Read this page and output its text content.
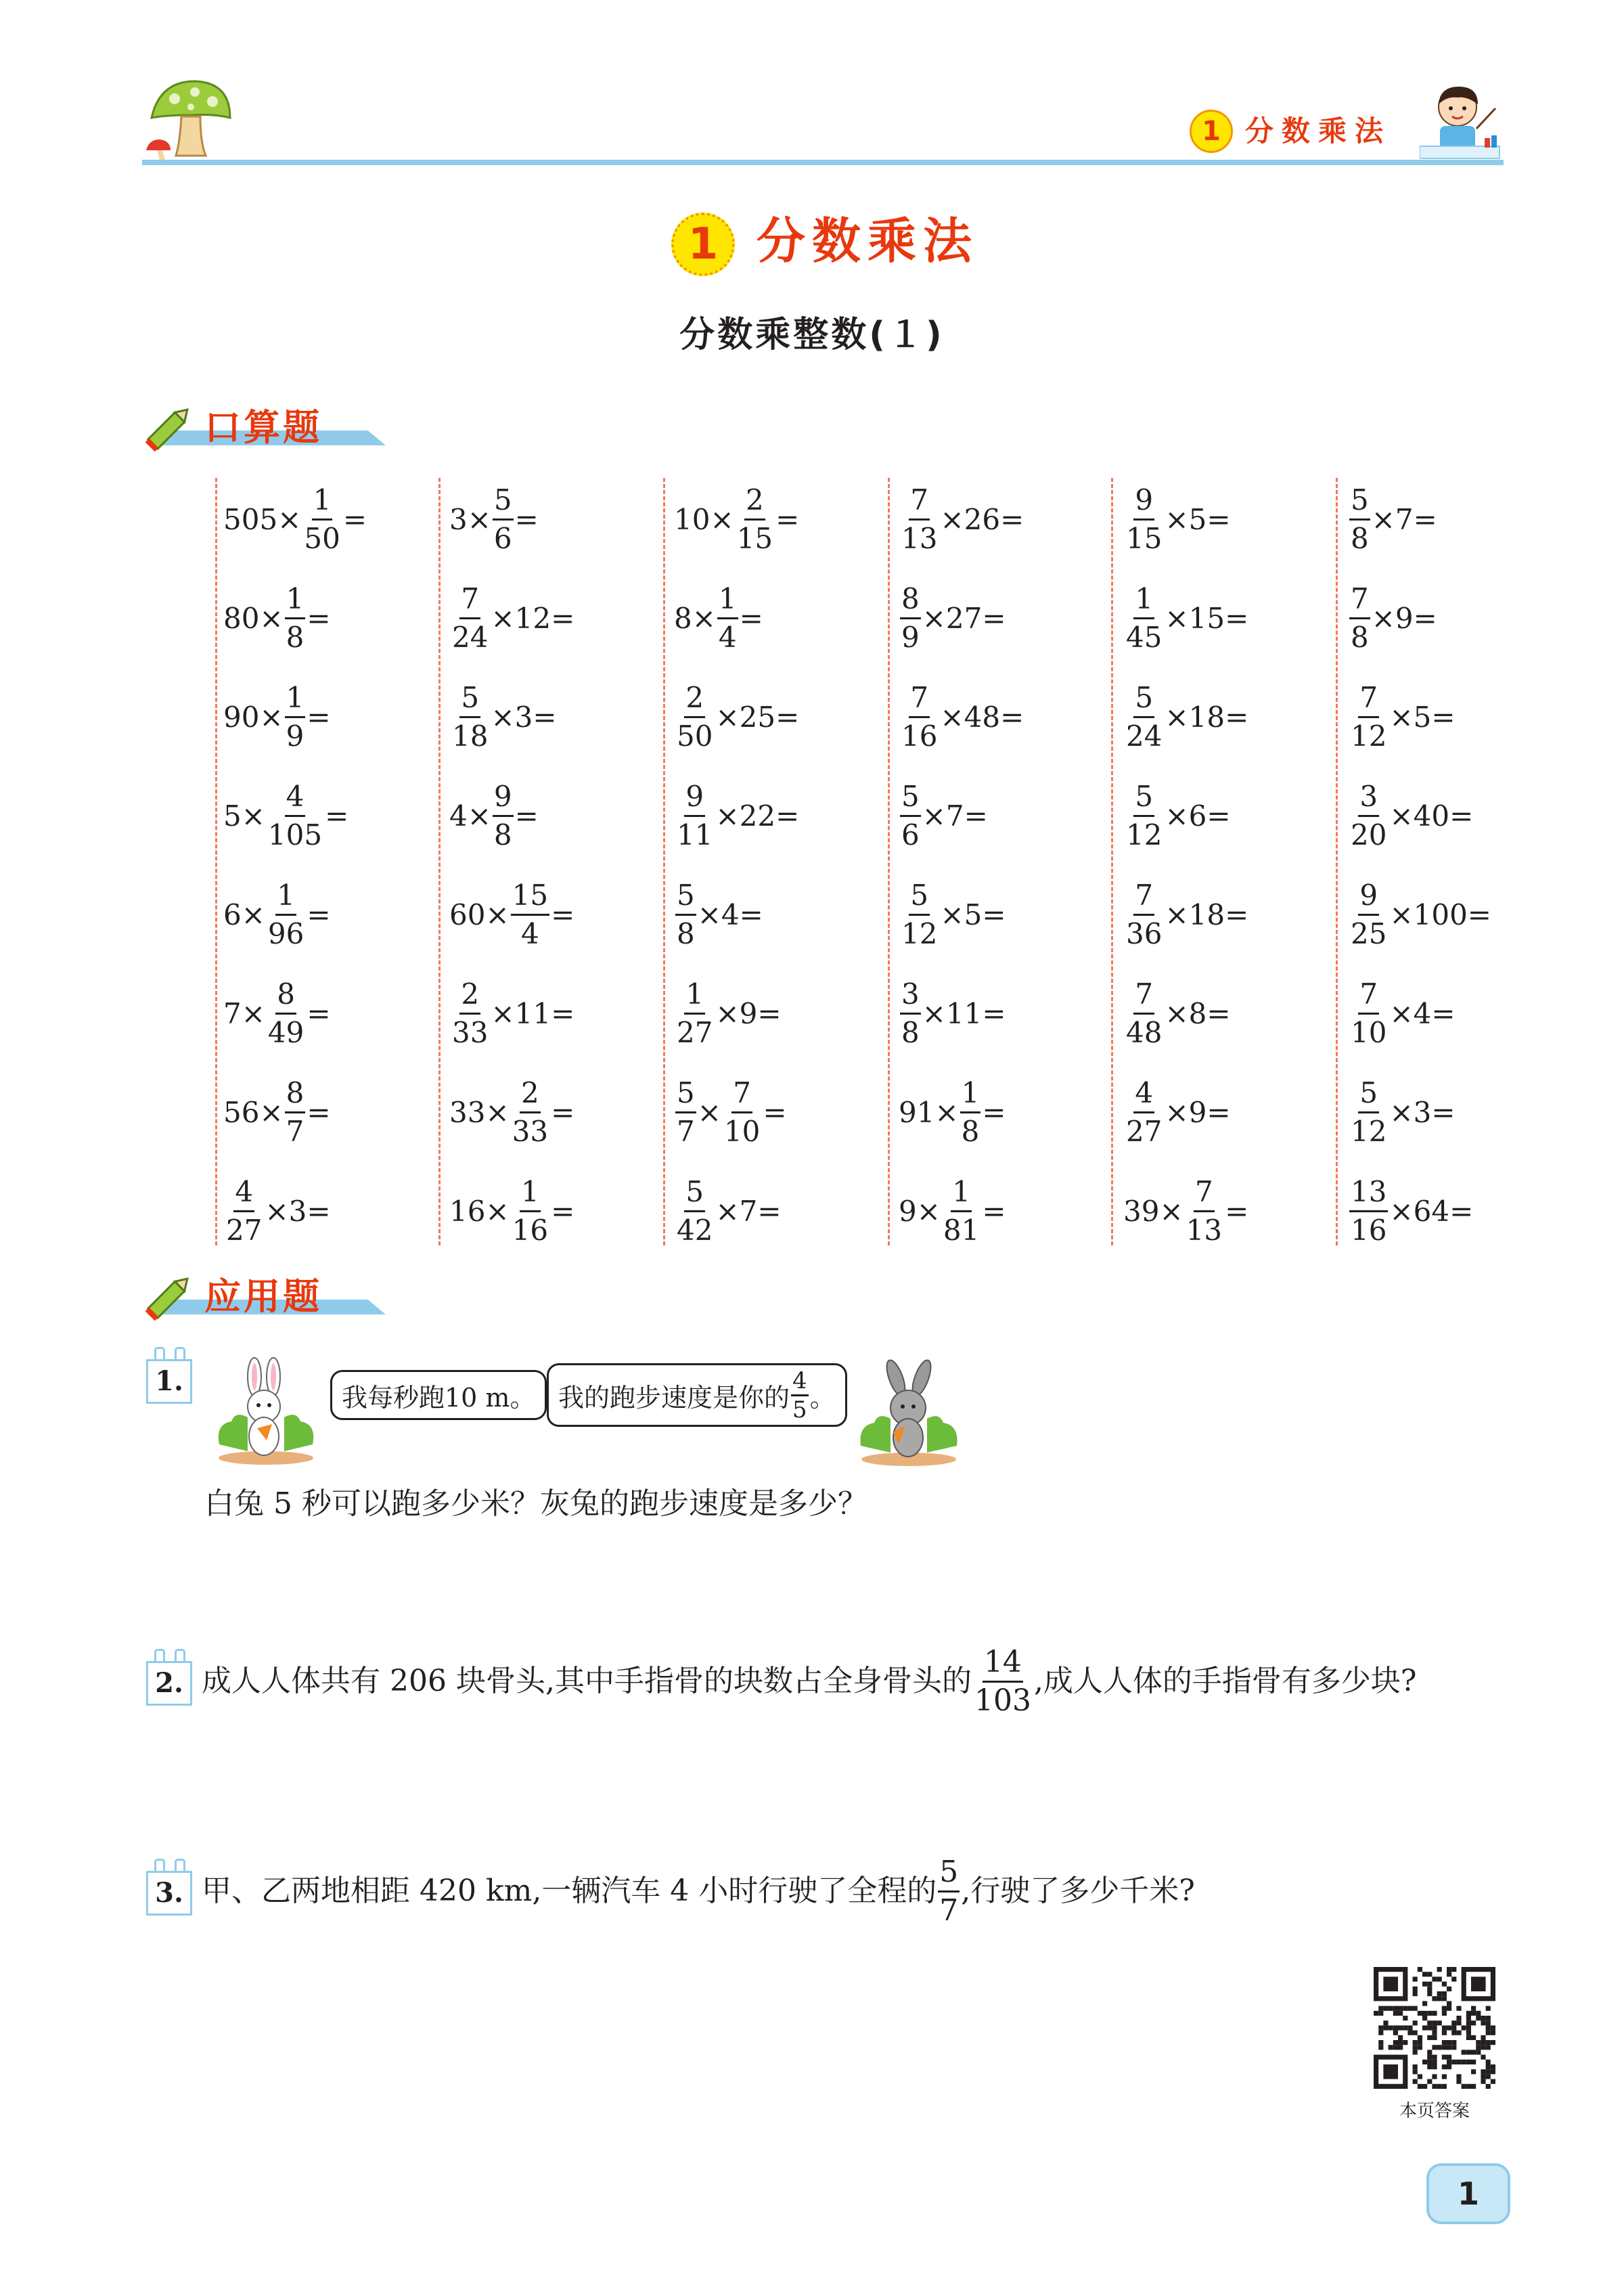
1 分数乘法
1 分数乘法
分数乘整数(１)
口算题
$505\times \frac{1}{50}$ =
$80\times \frac{1}{8}$ =
$90\times \frac{1}{9}$ =
$5\times \frac{4}{105}$ =
$6\times \frac{1}{96}$ =
$7\times \frac{8}{49}$ =
$56\times \frac{8}{7}$ =
$\frac{4}{27} \times 3=$
$3\times \frac{5}{6}$ =
$\frac{7}{24} \times 12=$
$\frac{5}{18} \times 3=$
$4\times \frac{9}{8}$ =
$60\times \frac{15}{4}$ =
$\frac{2}{33} \times 11=$
$33\times \frac{2}{33}$ =
$16\times \frac{1}{16}$ =
$10\times \frac{2}{15}$ =
$8\times \frac{1}{4}$ =
$\frac{2}{50} \times 25=$
$\frac{9}{11} \times 22=$
$\frac{5}{8} \times 4=$
$\frac{1}{27} \times 9=$
$\frac{5}{7} \times \frac{7}{10}$ =
$\frac{5}{42} \times 7=$
$\frac{7}{13} \times 26=$
$\frac{8}{9} \times 27=$
$\frac{7}{16} \times 48=$
$\frac{5}{6} \times 7=$
$\frac{5}{12} \times 5=$
$\frac{3}{8} \times 11=$
$91\times \frac{1}{8}$ =
$9\times \frac{1}{81}$ =
$\frac{9}{15} \times 5=$
$\frac{1}{45} \times 15=$
$\frac{5}{24} \times 18=$
$\frac{5}{12} \times 6=$
$\frac{7}{36} \times 18=$
$\frac{7}{48} \times 8=$
$\frac{4}{27} \times 9=$
$39\times \frac{7}{13}$ =
$\frac{5}{8} \times 7=$
$\frac{7}{8} \times 9=$
$\frac{7}{12} \times 5=$
$\frac{3}{20} \times 40=$
$\frac{9}{25} \times 100=$
$\frac{7}{10} \times 4=$
$\frac{5}{12} \times 3=$
$\frac{13}{16} \times 64=$
应用题
1.
我每秒跑10 m。 我的跑步速度是你的 $\frac{4}{5}$ 。
白兔 5 秒可以跑多少米？灰兔的跑步速度是多少？
2. 成人人体共有 206 块骨头,其中手指骨的块数占全身骨头的 $\frac{14}{103}$ ,成人人体的手指骨有多少块?
3. 甲、乙两地相距 420 km,一辆汽车 4 小时行驶了全程的 $\frac{5}{7}$ ,行驶了多少千米?
本页答案
1
